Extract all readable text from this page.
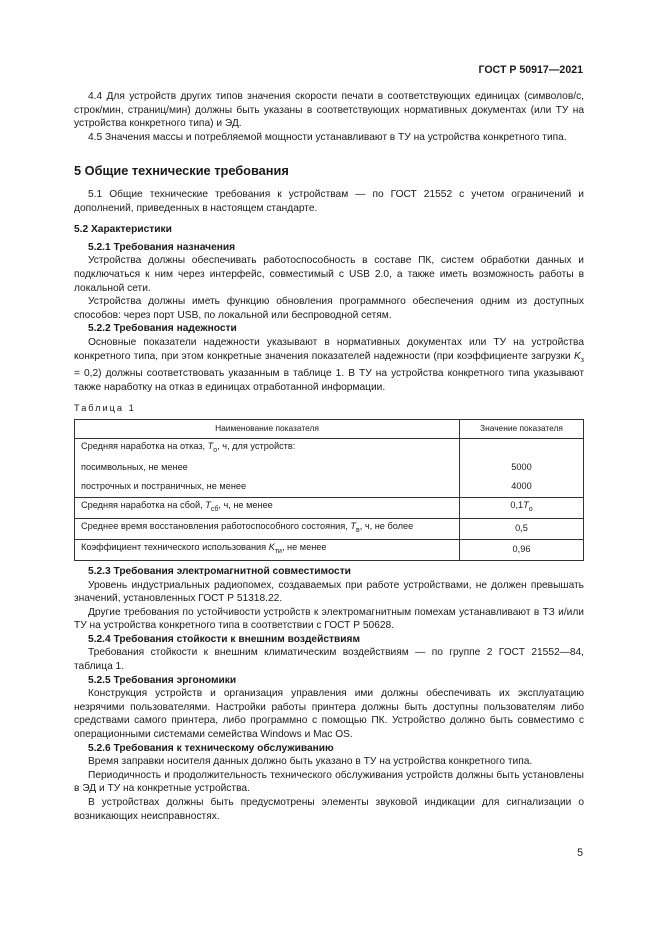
ГОСТ Р 50917—2021

4.4 Для устройств других типов значения скорости печати в соответствующих единицах (символов/с, строк/мин, страниц/мин) должны быть указаны в соответствующих нормативных документах (или ТУ на устройства конкретного типа) и ЭД.

4.5 Значения массы и потребляемой мощности устанавливают в ТУ на устройства конкретного типа.

5 Общие технические требования

5.1 Общие технические требования к устройствам — по ГОСТ 21552 с учетом ограничений и дополнений, приведенных в настоящем стандарте.

5.2 Характеристики

5.2.1 Требования назначения

Устройства должны обеспечивать работоспособность в составе ПК, систем обработки данных и подключаться к ним через интерфейс, совместимый с USB 2.0, а также иметь возможность работы в локальной сети.

Устройства должны иметь функцию обновления программного обеспечения одним из доступных способов: через порт USB, по локальной или беспроводной сетям.

5.2.2 Требования надежности

Основные показатели надежности указывают в нормативных документах или ТУ на устройства конкретного типа, при этом конкретные значения показателей надежности (при коэффициенте загрузки $K_з = 0,2$) должны соответствовать указанным в таблице 1. В ТУ на устройства конкретного типа указывают также наработку на отказ в единицах отработанной информации.

Таблица 1
Наименование показателя	Значение показателя
Средняя наработка на отказ, $T_о$, ч, для устройств:	
посимвольных, не менее	5000
построчных и постраничных, не менее	4000
Средняя наработка на сбой, $T_{сб}$, ч, не менее	$0,1T_о$
Среднее время восстановления работоспособного состояния, $T_в$, ч, не более	0,5
Коэффициент технического использования $K_{ти}$, не менее	0,96

5.2.3 Требования электромагнитной совместимости

Уровень индустриальных радиопомех, создаваемых при работе устройствами, не должен превышать значений, установленных ГОСТ Р 51318.22.

Другие требования по устойчивости устройств к электромагнитным помехам устанавливают в ТЗ и/или ТУ на устройства конкретного типа в соответствии с ГОСТ Р 50628.

5.2.4 Требования стойкости к внешним воздействиям

Требования стойкости к внешним климатическим воздействиям — по группе 2 ГОСТ 21552—84, таблица 1.

5.2.5 Требования эргономики

Конструкция устройств и организация управления ими должны обеспечивать их эксплуатацию незрячими пользователями. Настройки работы принтера должны быть доступны пользователям либо средствами самого принтера, либо программно с помощью ПК. Устройство должно быть совместимо с операционными системами семейства Windows и Mac OS.

5.2.6 Требования к техническому обслуживанию

Время заправки носителя данных должно быть указано в ТУ на устройства конкретного типа.

Периодичность и продолжительность технического обслуживания устройств должны быть установлены в ЭД и ТУ на конкретные устройства.

В устройствах должны быть предусмотрены элементы звуковой индикации для сигнализации о возникающих неисправностях.

5
